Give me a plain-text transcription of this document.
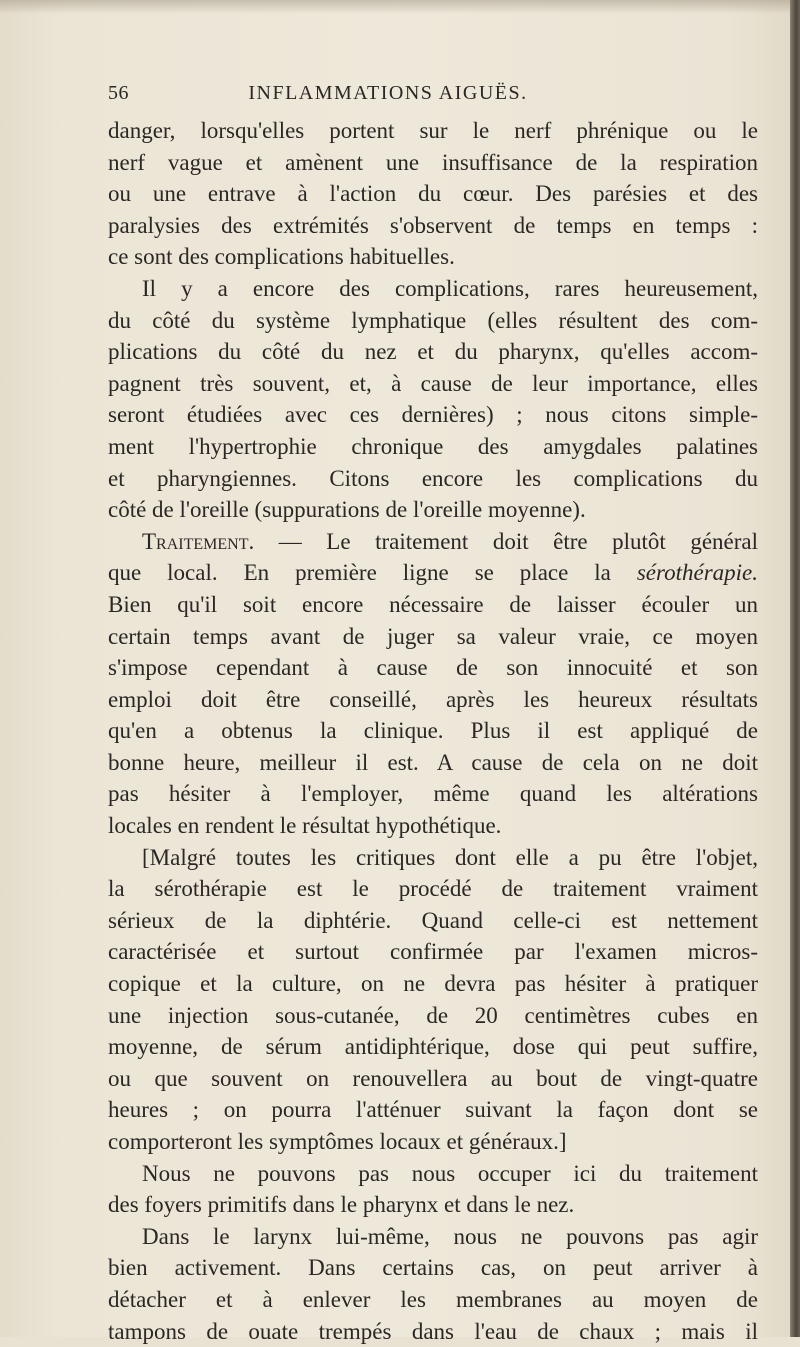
56	INFLAMMATIONS AIGUËS.
danger, lorsqu'elles portent sur le nerf phrénique ou le
nerf vague et amènent une insuffisance de la respiration
ou une entrave à l'action du cœur. Des parésies et des
paralysies des extrémités s'observent de temps en temps :
ce sont des complications habituelles.
Il y a encore des complications, rares heureusement,
du côté du système lymphatique (elles résultent des com-
plications du côté du nez et du pharynx, qu'elles accom-
pagnent très souvent, et, à cause de leur importance, elles
seront étudiées avec ces dernières) ; nous citons simple-
ment l'hypertrophie chronique des amygdales palatines
et pharyngiennes. Citons encore les complications du
côté de l'oreille (suppurations de l'oreille moyenne).
Traitement. — Le traitement doit être plutôt général
que local. En première ligne se place la sérothérapie.
Bien qu'il soit encore nécessaire de laisser écouler un
certain temps avant de juger sa valeur vraie, ce moyen
s'impose cependant à cause de son innocuité et son
emploi doit être conseillé, après les heureux résultats
qu'en a obtenus la clinique. Plus il est appliqué de
bonne heure, meilleur il est. A cause de cela on ne doit
pas hésiter à l'employer, même quand les altérations
locales en rendent le résultat hypothétique.
[Malgré toutes les critiques dont elle a pu être l'objet,
la sérothérapie est le procédé de traitement vraiment
sérieux de la diphtérie. Quand celle-ci est nettement
caractérisée et surtout confirmée par l'examen micros-
copique et la culture, on ne devra pas hésiter à pratiquer
une injection sous-cutanée, de 20 centimètres cubes en
moyenne, de sérum antidiphtérique, dose qui peut suffire,
ou que souvent on renouvellera au bout de vingt-quatre
heures ; on pourra l'atténuer suivant la façon dont se
comporteront les symptômes locaux et généraux.]
Nous ne pouvons pas nous occuper ici du traitement
des foyers primitifs dans le pharynx et dans le nez.
Dans le larynx lui-même, nous ne pouvons pas agir
bien activement. Dans certains cas, on peut arriver à
détacher et à enlever les membranes au moyen de
tampons de ouate trempés dans l'eau de chaux ; mais il
